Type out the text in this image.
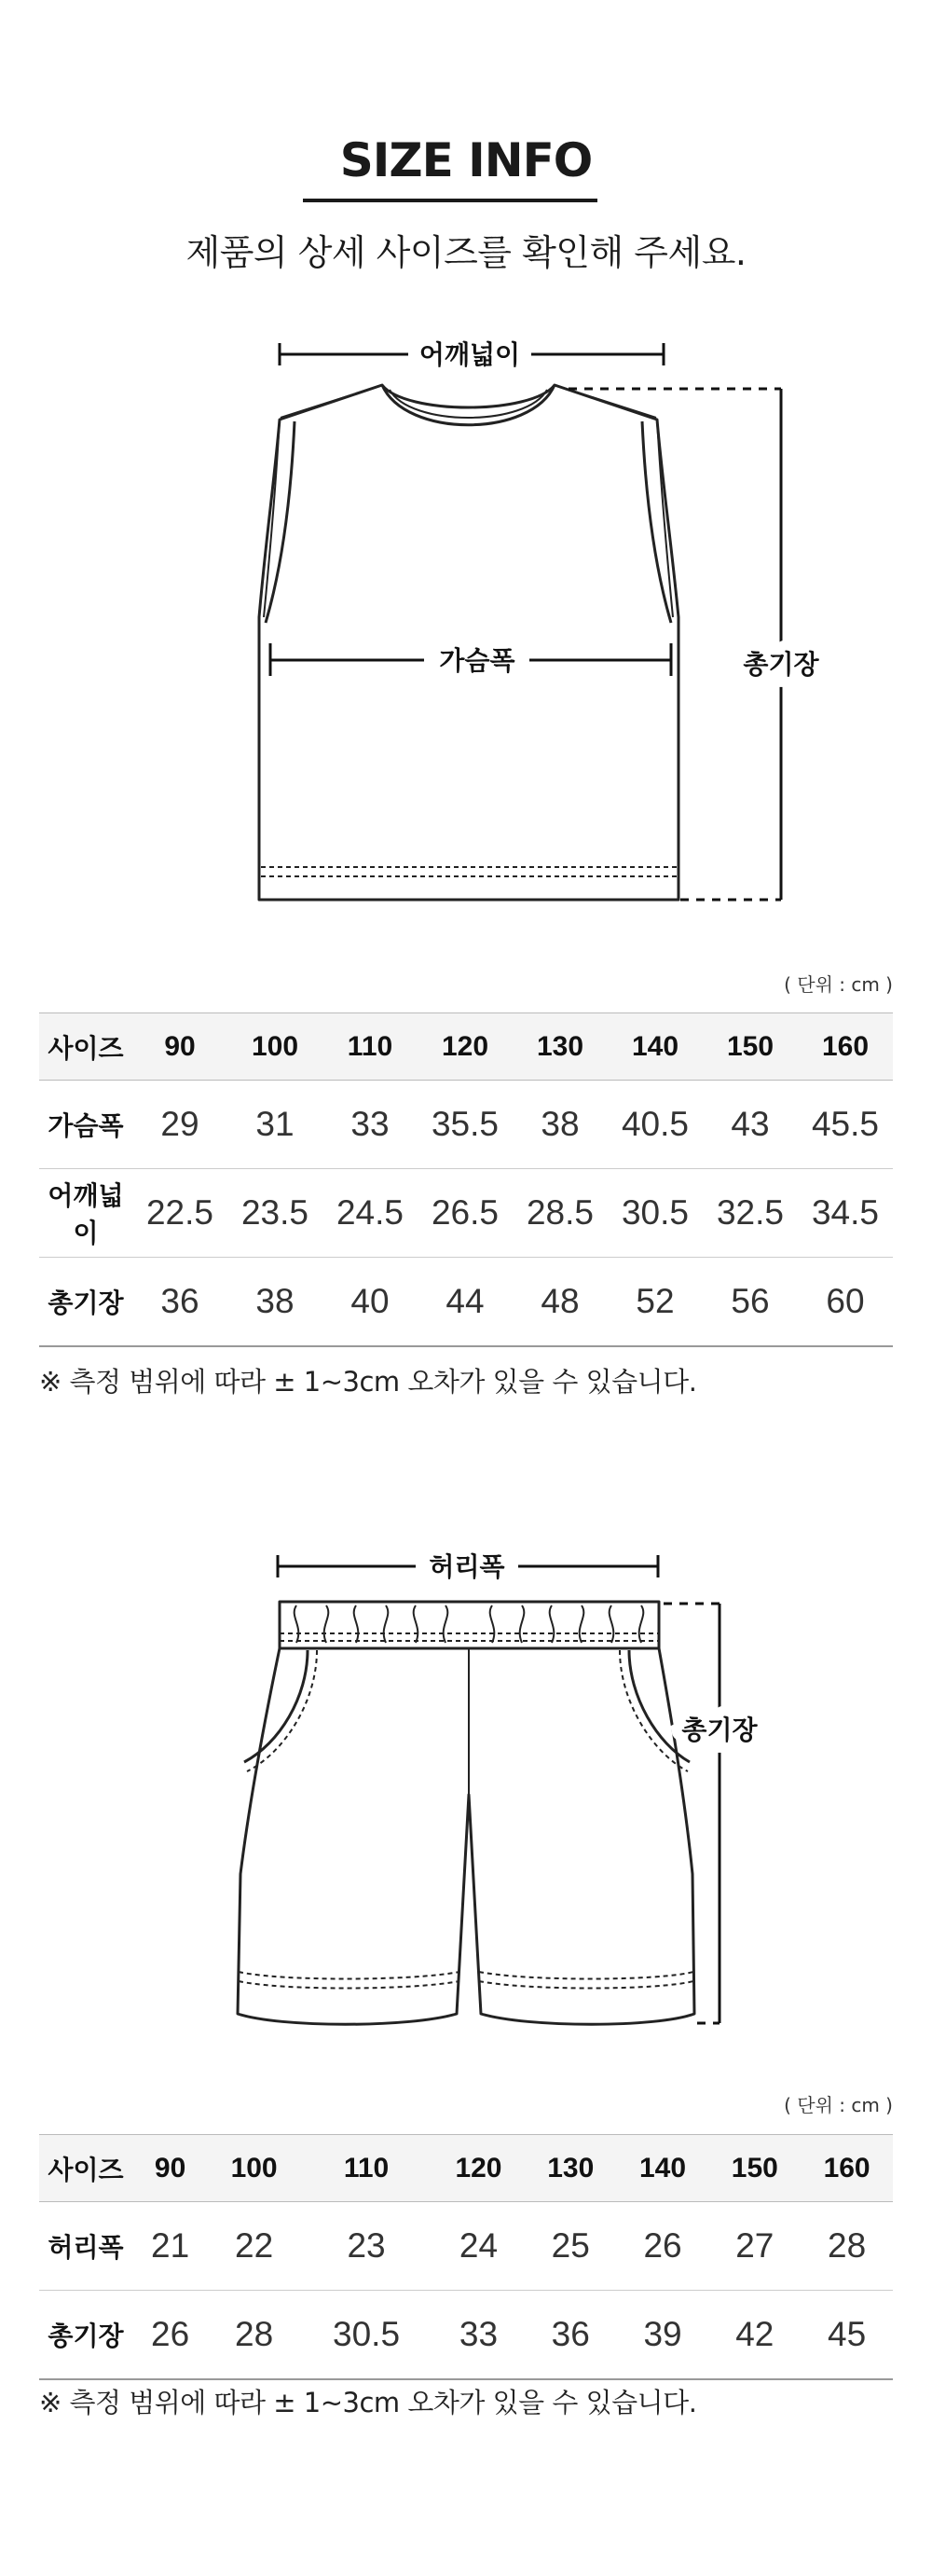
SIZE INFO
제품의 상세 사이즈를 확인해 주세요.
어깨넓이
가슴폭	총기장
( 단위 : cm )
사이즈	90	100	110	120	130	140	150	160
가슴폭	29	31	33	35.5	38	40.5	43	45.5
어깨넓이	22.5	23.5	24.5	26.5	28.5	30.5	32.5	34.5
총기장	36	38	40	44	48	52	56	60
※ 측정 범위에 따라 ± 1~3cm 오차가 있을 수 있습니다.
허리폭
총기장
( 단위 : cm )
사이즈	90	100	110	120	130	140	150	160
허리폭	21	22	23	24	25	26	27	28
총기장	26	28	30.5	33	36	39	42	45
※ 측정 범위에 따라 ± 1~3cm 오차가 있을 수 있습니다.
